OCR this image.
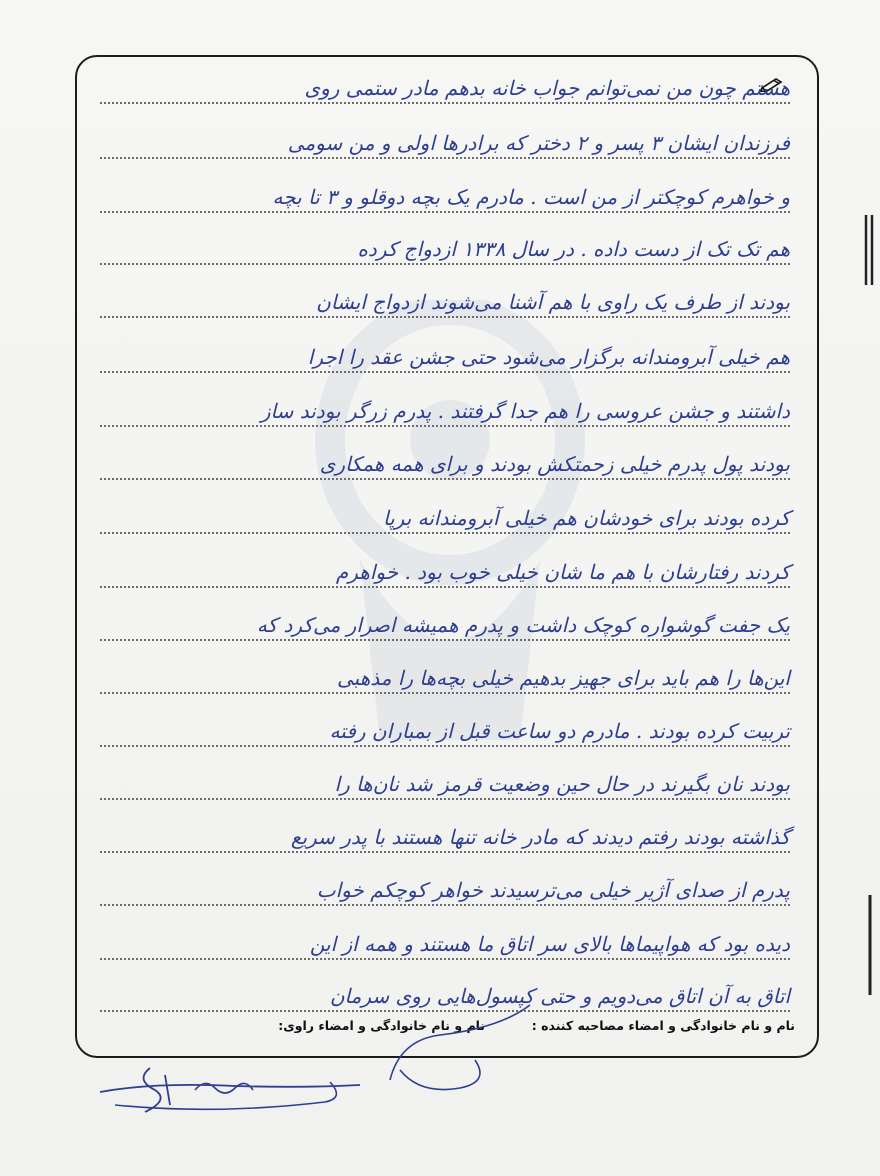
هستم چون من نمی‌توانم جواب خانه بدهم مادر ستمی روی
فرزندان ایشان ۳ پسر و ۲ دختر که برادرها اولی و من سومی
و خواهرم کوچکتر از من است . مادرم یک بچه دوقلو و ۳ تا بچه
هم تک تک از دست داده . در سال ۱۳۳۸ ازدواج کرده
بودند از طرف یک راوی با هم آشنا می‌شوند ازدواج ایشان
هم خیلی آبرومندانه برگزار می‌شود حتی جشن عقد را اجرا
داشتند و جشن عروسی را هم جدا گرفتند . پدرم زرگر بودند ساز
بودند پول پدرم خیلی زحمتکش بودند و برای همه همکاری
کرده بودند برای خودشان هم خیلی آبرومندانه برپا
کردند رفتارشان با هم ما شان خیلی خوب بود . خواهرم
یک جفت گوشواره کوچک داشت و پدرم همیشه اصرار می‌کرد که
این‌ها را هم باید برای جهیز بدهیم خیلی بچه‌ها را مذهبی
تربیت کرده بودند . مادرم دو ساعت قبل از بمباران رفته
بودند نان بگیرند در حال حین وضعیت قرمز شد نان‌ها را
گذاشته بودند رفتم دیدند که مادر خانه تنها هستند با پدر سریع
پدرم از صدای آژیر خیلی می‌ترسیدند خواهر کوچکم خواب
دیده بود که هواپیماها بالای سر اتاق ما هستند و همه از این
اتاق به آن اتاق می‌دویم و حتی کپسول‌هایی روی سرمان
نام و نام خانوادگی و امضاء مصاحبه کننده :
نام و نام خانوادگی و امضاء راوی:
